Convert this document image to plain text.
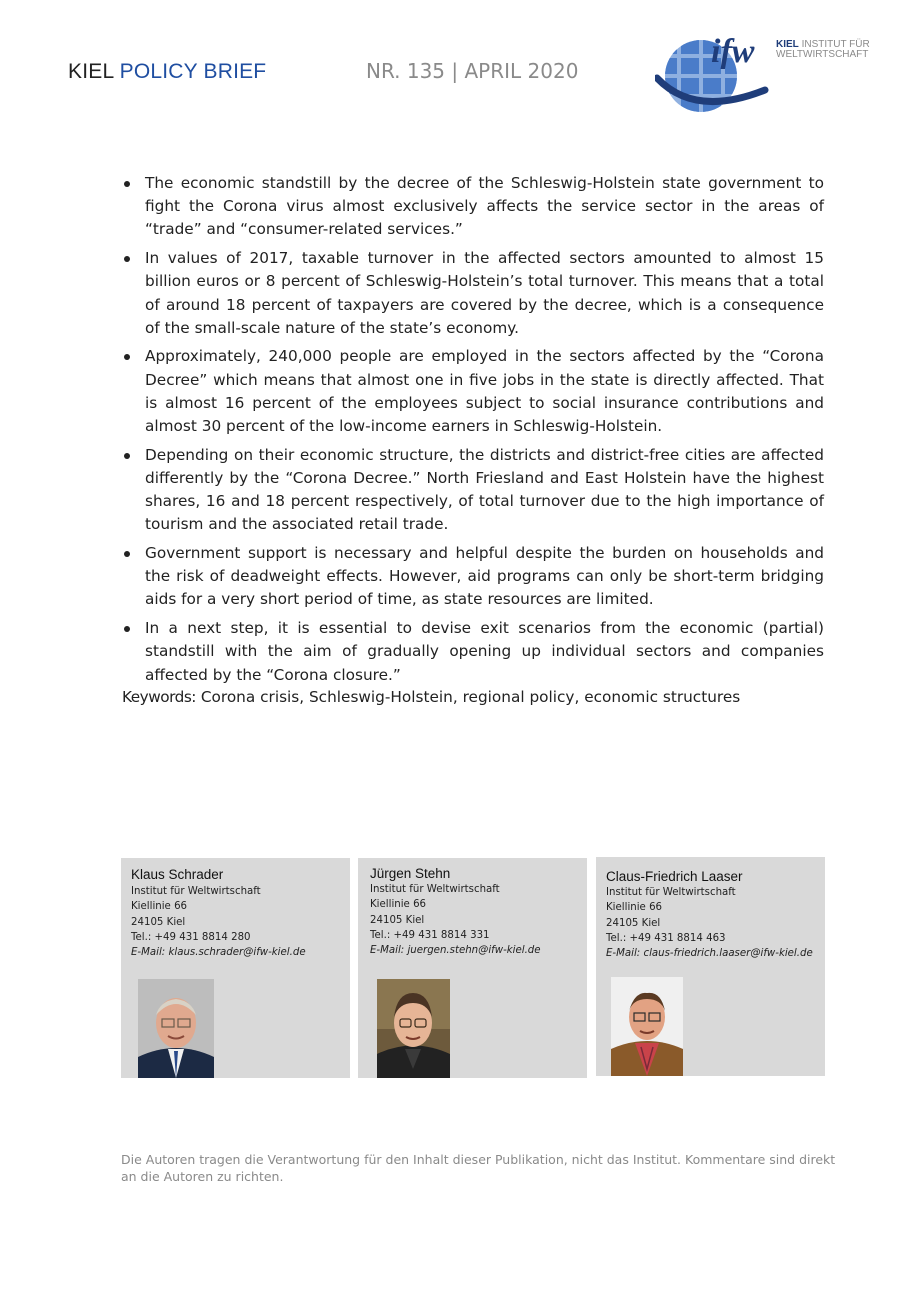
KIEL POLICY BRIEF	NR. 135 | APRIL 2020
ifw KIEL INSTITUT FÜR
WELTWIRTSCHAFT
The economic standstill by the decree of the Schleswig-Holstein state government to fight the Corona virus almost exclusively affects the service sector in the areas of “trade” and “consumer-related services.”
In values of 2017, taxable turnover in the affected sectors amounted to almost 15 billion euros or 8 percent of Schleswig-Holstein’s total turnover. This means that a total of around 18 percent of taxpayers are covered by the decree, which is a consequence of the small-scale nature of the state’s economy.
Approximately, 240,000 people are employed in the sectors affected by the “Corona Decree” which means that almost one in five jobs in the state is directly affected. That is almost 16 percent of the employees subject to social insurance contributions and almost 30 percent of the low-income earners in Schleswig-Holstein.
Depending on their economic structure, the districts and district-free cities are affected differently by the “Corona Decree.” North Friesland and East Holstein have the highest shares, 16 and 18 percent respectively, of total turnover due to the high importance of tourism and the associated retail trade.
Government support is necessary and helpful despite the burden on households and the risk of deadweight effects. However, aid programs can only be short-term bridging aids for a very short period of time, as state resources are limited.
In a next step, it is essential to devise exit scenarios from the economic (partial) standstill with the aim of gradually opening up individual sectors and companies affected by the “Corona closure.”
Keywords: Corona crisis, Schleswig-Holstein, regional policy, economic structures
Klaus Schrader
Institut für Weltwirtschaft
Kiellinie 66
24105 Kiel
Tel.: +49 431 8814 280
E-Mail: klaus.schrader@ifw-kiel.de
Jürgen Stehn
Institut für Weltwirtschaft
Kiellinie 66
24105 Kiel
Tel.: +49 431 8814 331
E-Mail: juergen.stehn@ifw-kiel.de
Claus-Friedrich Laaser
Institut für Weltwirtschaft
Kiellinie 66
24105 Kiel
Tel.: +49 431 8814 463
E-Mail: claus-friedrich.laaser@ifw-kiel.de
Die Autoren tragen die Verantwortung für den Inhalt dieser Publikation, nicht das Institut. Kommentare sind direkt an die Autoren zu richten.
